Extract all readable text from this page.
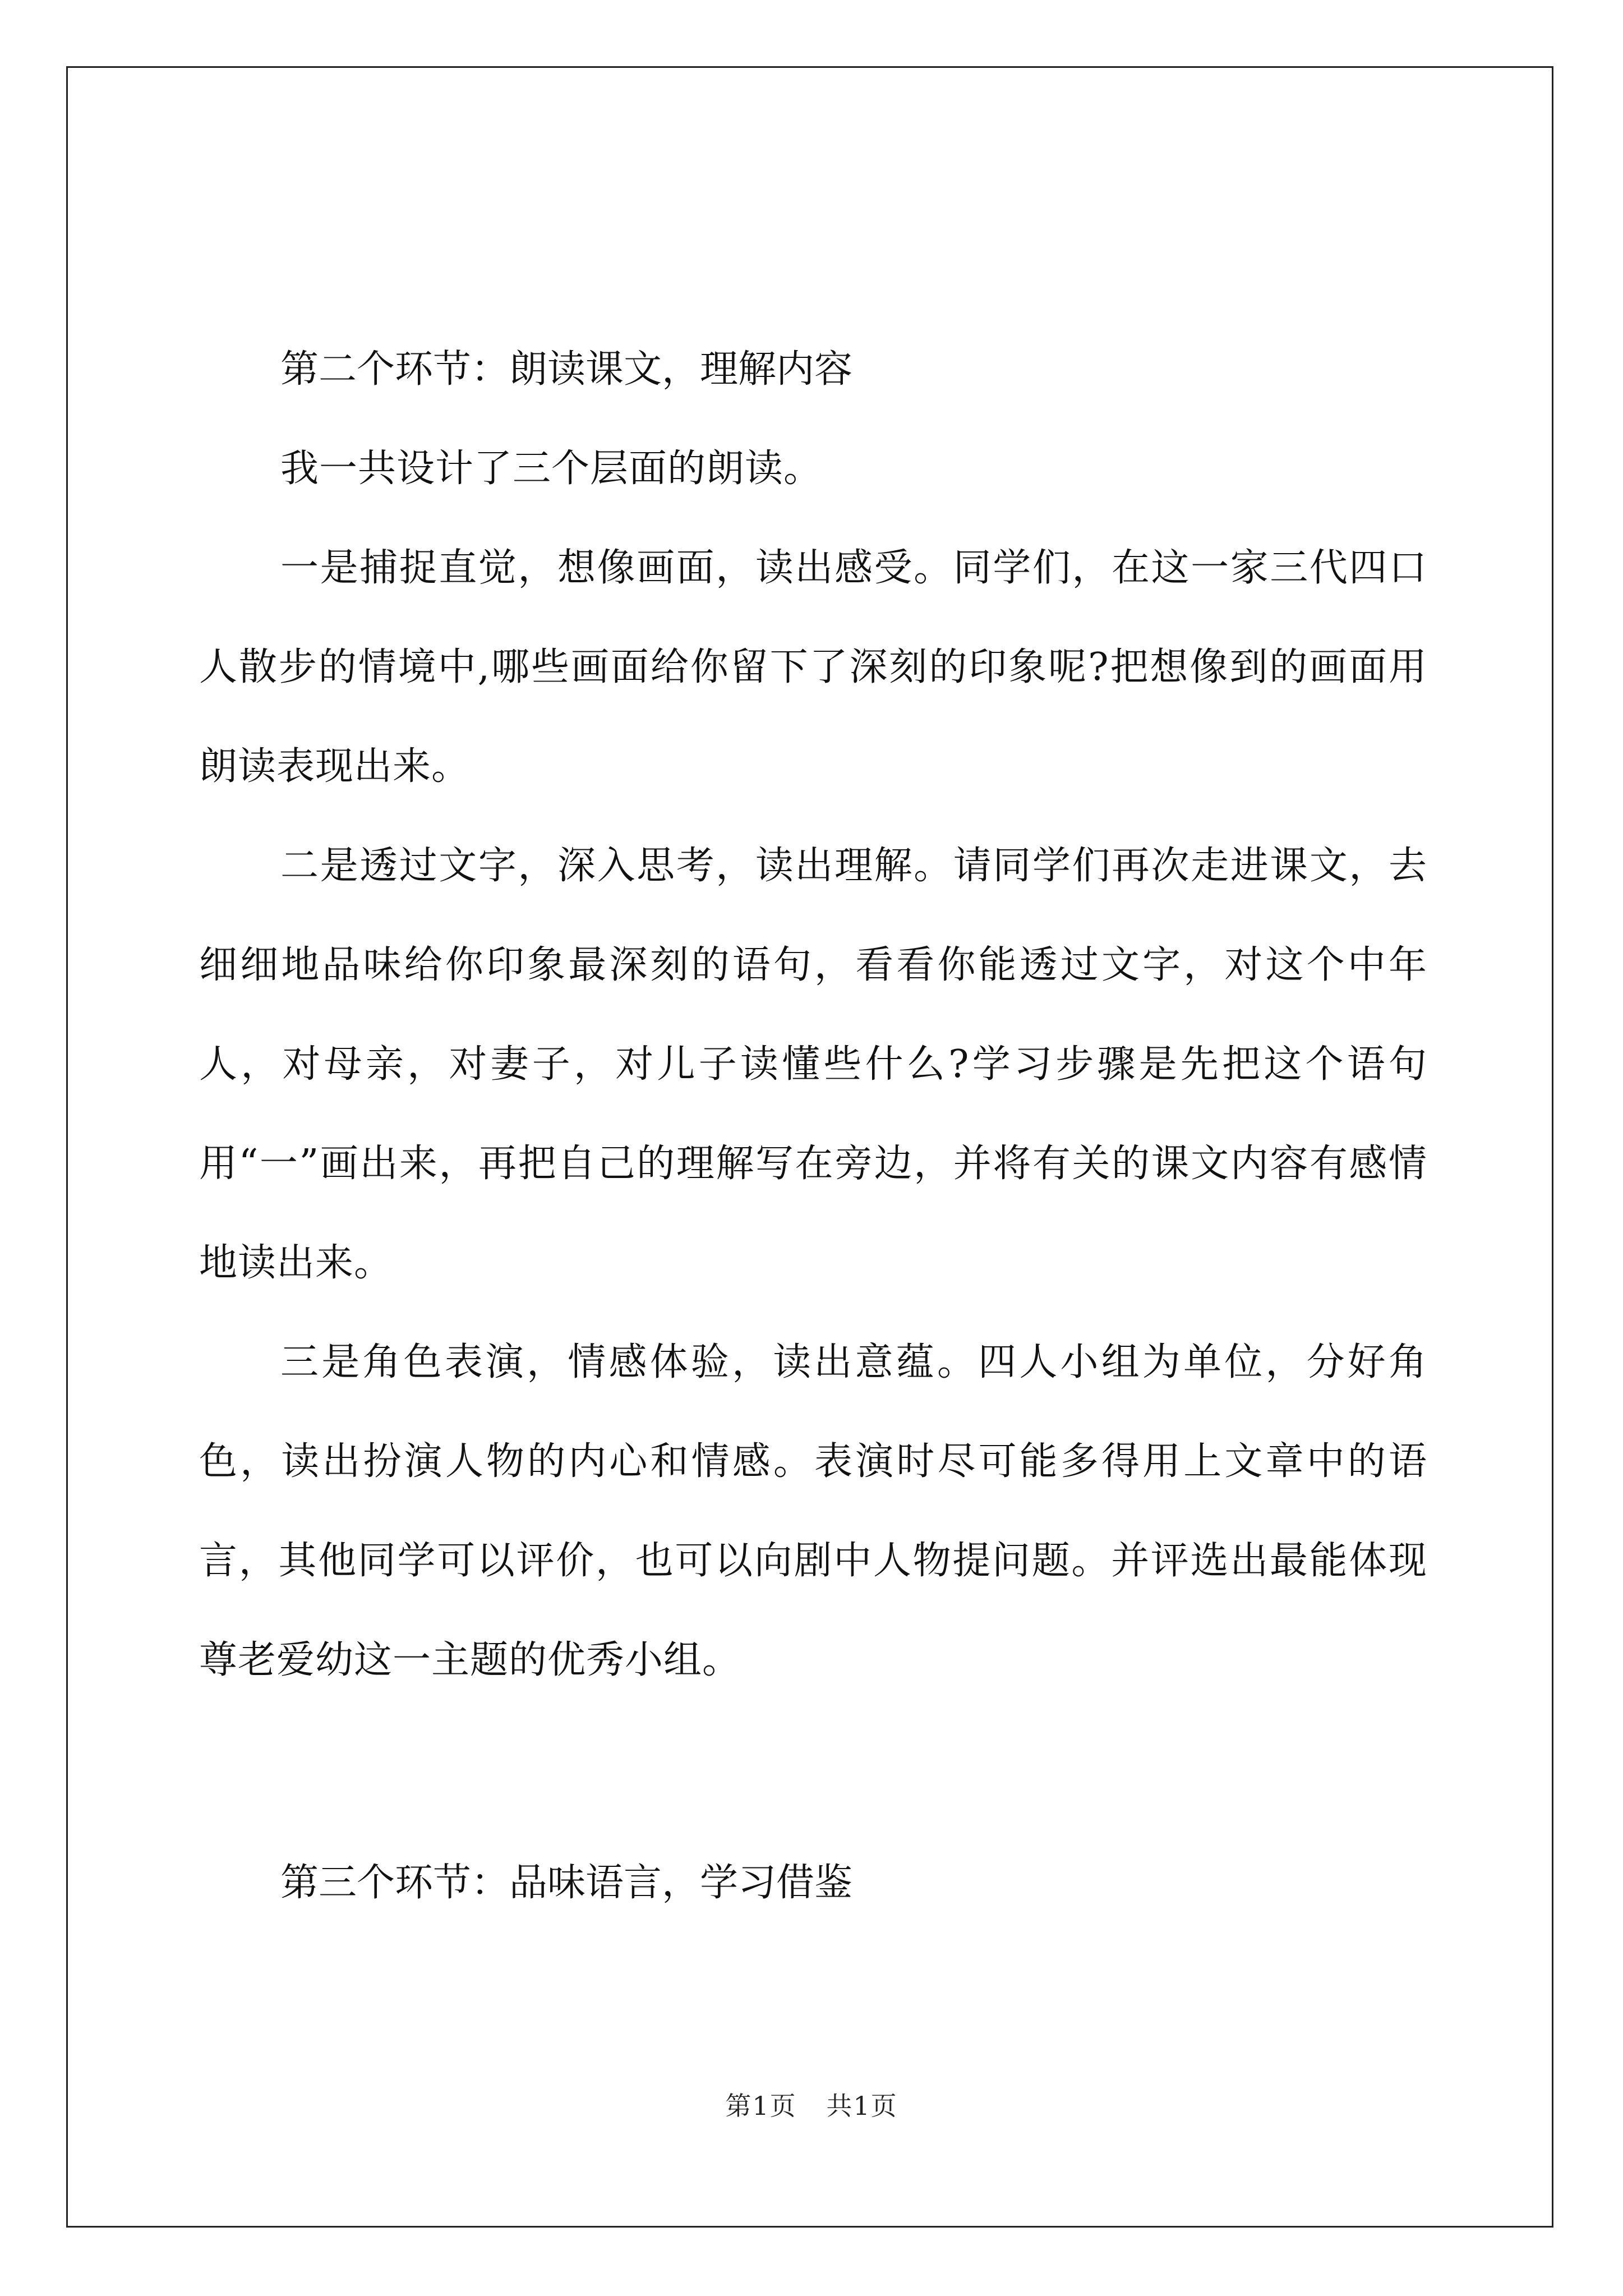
第二个环节：朗读课文，理解内容

我一共设计了三个层面的朗读。

一是捕捉直觉，想像画面，读出感受。同学们，在这一家三代四口人散步的情境中,哪些画面给你留下了深刻的印象呢?把想像到的画面用朗读表现出来。

二是透过文字，深入思考，读出理解。请同学们再次走进课文，去细细地品味给你印象最深刻的语句，看看你能透过文字，对这个中年人，对母亲，对妻子，对儿子读懂些什么?学习步骤是先把这个语句用“一”画出来，再把自己的理解写在旁边，并将有关的课文内容有感情地读出来。

三是角色表演，情感体验，读出意蕴。四人小组为单位，分好角色，读出扮演人物的内心和情感。表演时尽可能多得用上文章中的语言，其他同学可以评价，也可以向剧中人物提问题。并评选出最能体现尊老爱幼这一主题的优秀小组。

第三个环节：品味语言，学习借鉴

第1页 共1页
